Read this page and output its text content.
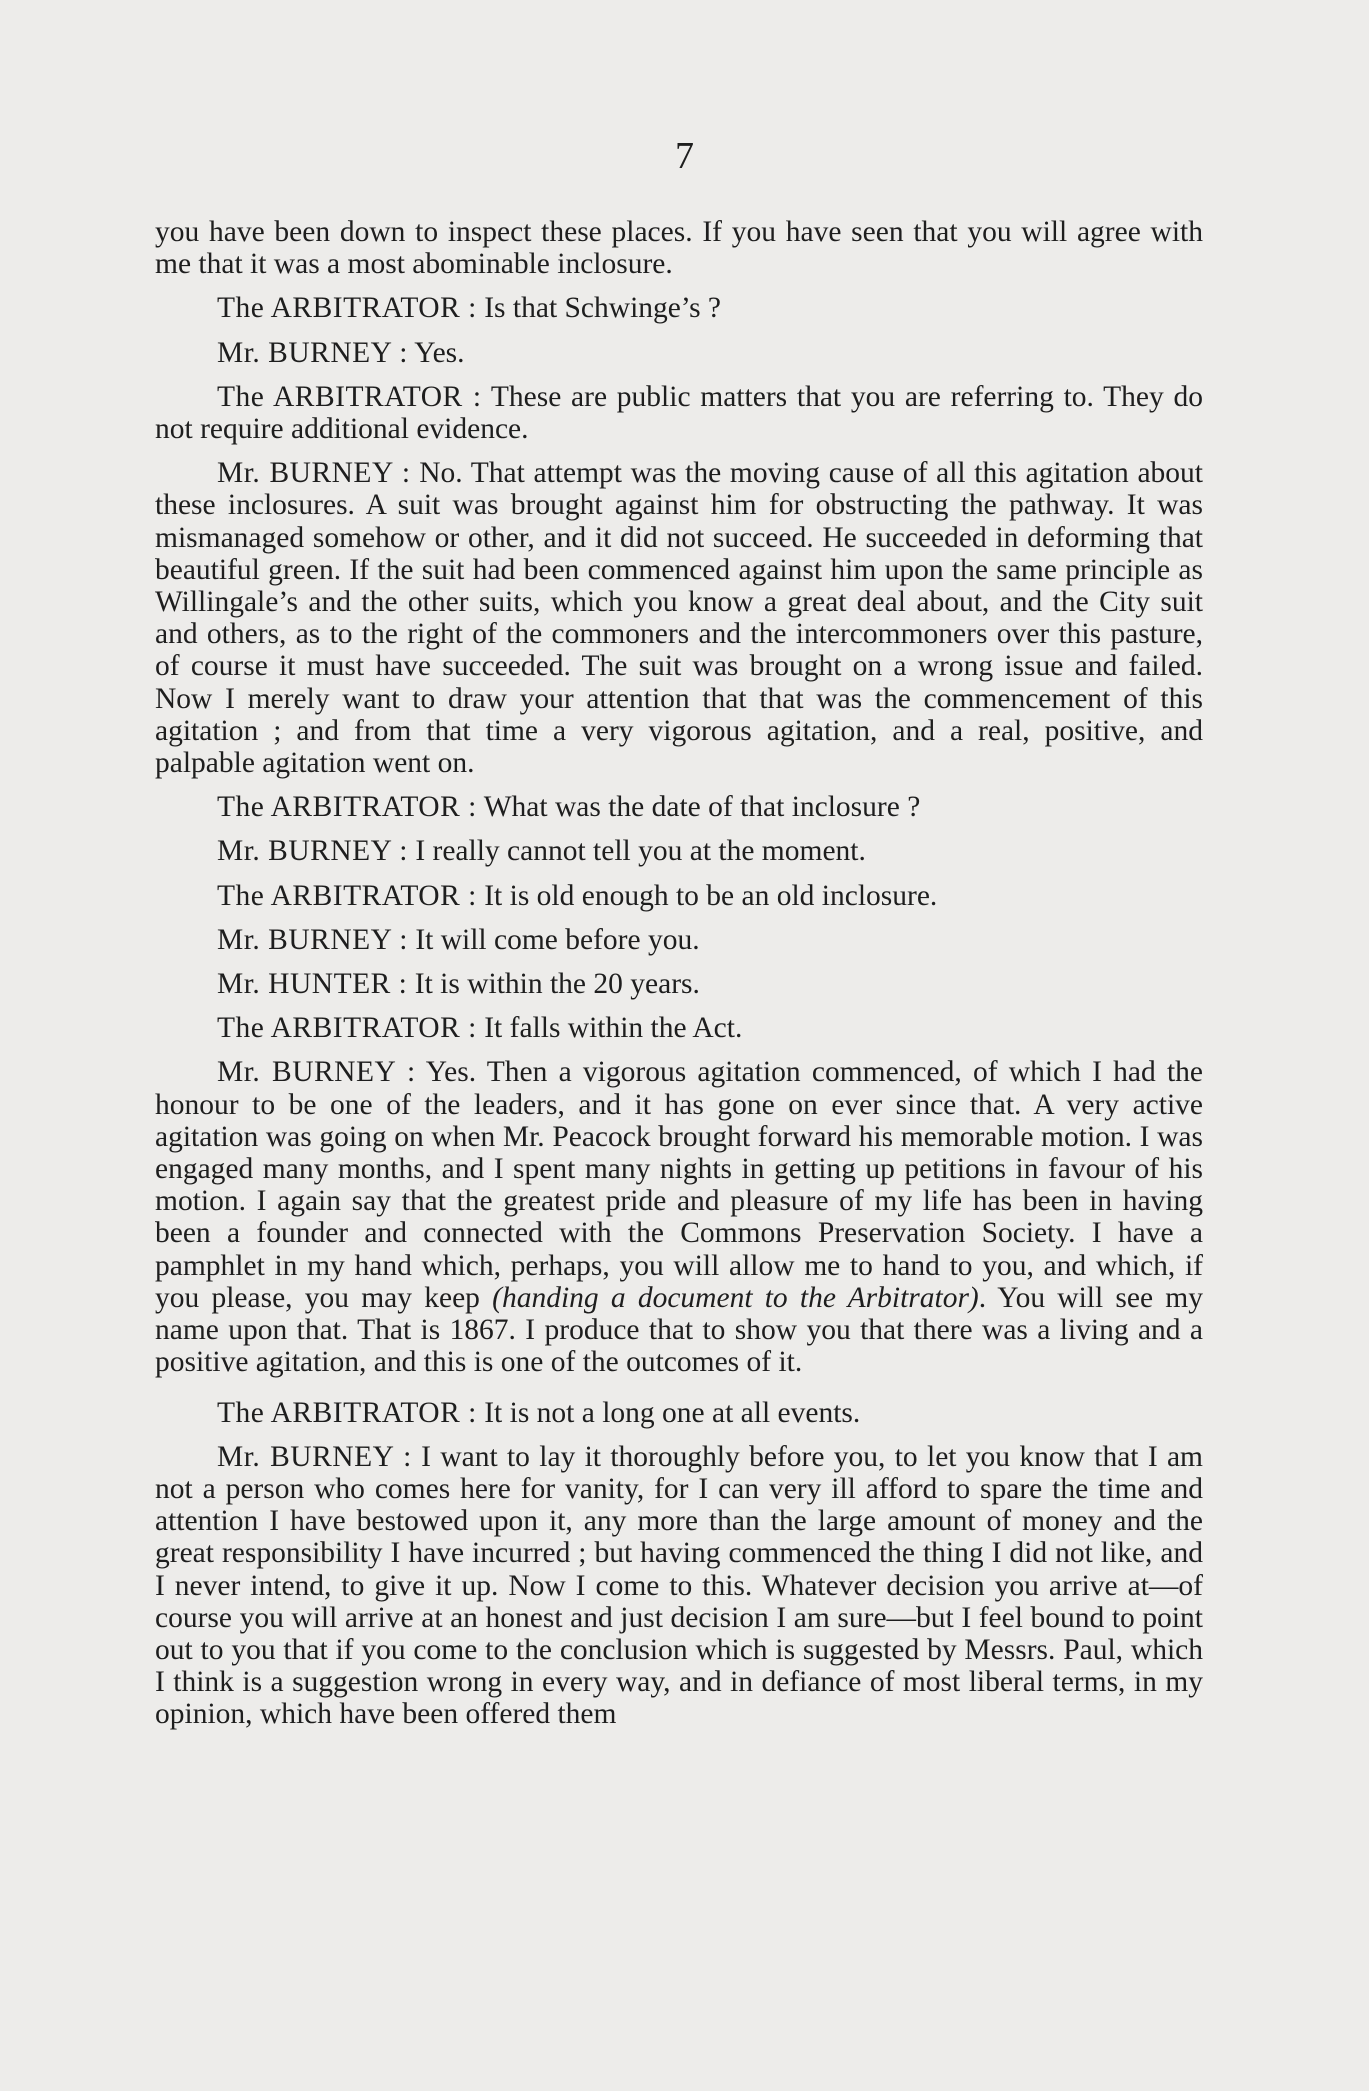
7

you have been down to inspect these places. If you have seen that you will agree with me that it was a most abominable inclosure.

The ARBITRATOR : Is that Schwinge’s ?

Mr. BURNEY : Yes.

The ARBITRATOR : These are public matters that you are referring to. They do not require additional evidence.

Mr. BURNEY : No. That attempt was the moving cause of all this agitation about these inclosures. A suit was brought against him for obstructing the pathway. It was mismanaged somehow or other, and it did not succeed. He succeeded in deforming that beautiful green. If the suit had been commenced against him upon the same principle as Willingale’s and the other suits, which you know a great deal about, and the City suit and others, as to the right of the commoners and the intercommoners over this pasture, of course it must have succeeded. The suit was brought on a wrong issue and failed. Now I merely want to draw your attention that that was the commencement of this agitation ; and from that time a very vigorous agitation, and a real, positive, and palpable agitation went on.

The ARBITRATOR : What was the date of that inclosure ?

Mr. BURNEY : I really cannot tell you at the moment.

The ARBITRATOR : It is old enough to be an old inclosure.

Mr. BURNEY : It will come before you.

Mr. HUNTER : It is within the 20 years.

The ARBITRATOR : It falls within the Act.

Mr. BURNEY : Yes. Then a vigorous agitation commenced, of which I had the honour to be one of the leaders, and it has gone on ever since that. A very active agitation was going on when Mr. Peacock brought forward his memorable motion. I was engaged many months, and I spent many nights in getting up petitions in favour of his motion. I again say that the greatest pride and pleasure of my life has been in having been a founder and connected with the Commons Preservation Society. I have a pamphlet in my hand which, perhaps, you will allow me to hand to you, and which, if you please, you may keep (handing a document to the Arbitrator). You will see my name upon that. That is 1867. I produce that to show you that there was a living and a positive agitation, and this is one of the outcomes of it.

The ARBITRATOR : It is not a long one at all events.

Mr. BURNEY : I want to lay it thoroughly before you, to let you know that I am not a person who comes here for vanity, for I can very ill afford to spare the time and attention I have bestowed upon it, any more than the large amount of money and the great responsibility I have incurred ; but having commenced the thing I did not like, and I never intend, to give it up. Now I come to this. Whatever decision you arrive at—of course you will arrive at an honest and just decision I am sure—but I feel bound to point out to you that if you come to the conclusion which is suggested by Messrs. Paul, which I think is a suggestion wrong in every way, and in defiance of most liberal terms, in my opinion, which have been offered them
